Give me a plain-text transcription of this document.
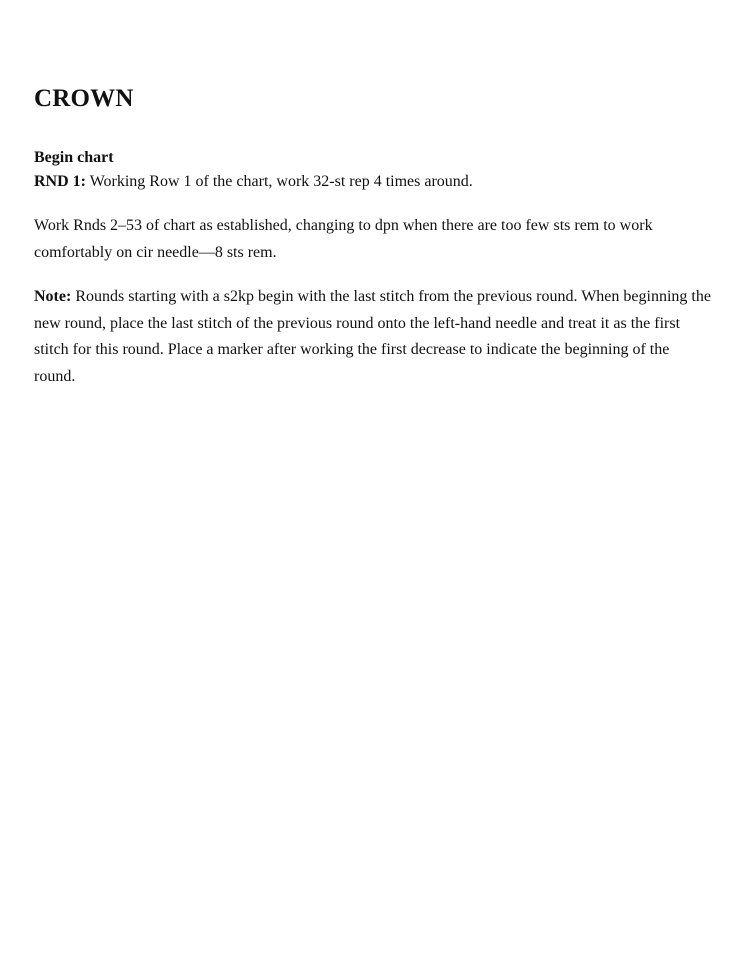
CROWN

Begin chart

RND 1: Working Row 1 of the chart, work 32-st rep 4 times around.

Work Rnds 2–53 of chart as established, changing to dpn when there are too few sts rem to work comfortably on cir needle—8 sts rem.

Note: Rounds starting with a s2kp begin with the last stitch from the previous round. When beginning the new round, place the last stitch of the previous round onto the left-hand needle and treat it as the first stitch for this round. Place a marker after working the first decrease to indicate the beginning of the round.
